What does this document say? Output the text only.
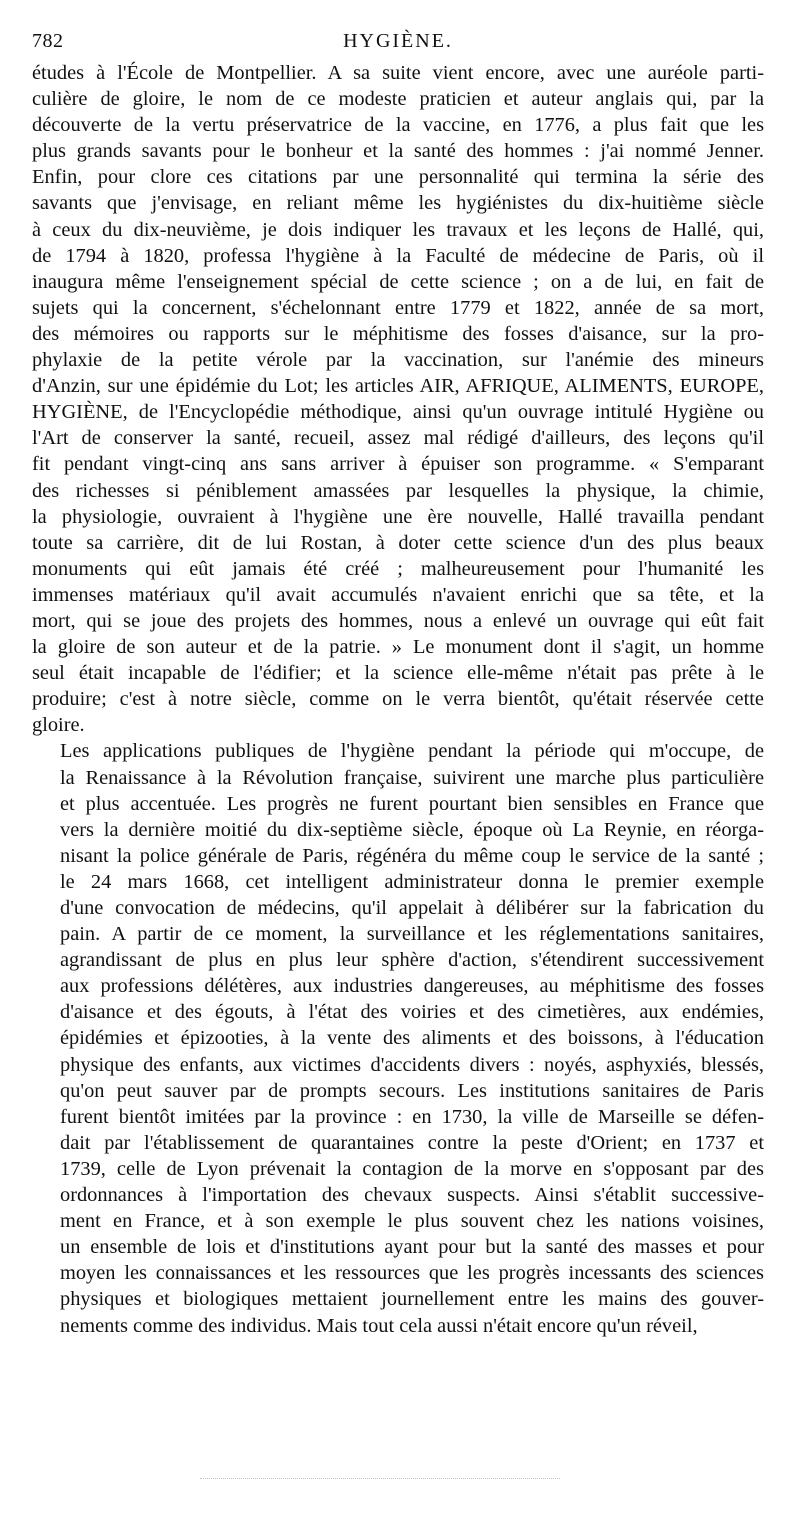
782	HYGIÈNE.

études à l'École de Montpellier. A sa suite vient encore, avec une auréole parti-
culière de gloire, le nom de ce modeste praticien et auteur anglais qui, par la
découverte de la vertu préservatrice de la vaccine, en 1776, a plus fait que les
plus grands savants pour le bonheur et la santé des hommes : j'ai nommé Jenner.
Enfin, pour clore ces citations par une personnalité qui termina la série des
savants que j'envisage, en reliant même les hygiénistes du dix-huitième siècle
à ceux du dix-neuvième, je dois indiquer les travaux et les leçons de Hallé, qui,
de 1794 à 1820, professa l'hygiène à la Faculté de médecine de Paris, où il
inaugura même l'enseignement spécial de cette science ; on a de lui, en fait de
sujets qui la concernent, s'échelonnant entre 1779 et 1822, année de sa mort,
des mémoires ou rapports sur le méphitisme des fosses d'aisance, sur la pro-
phylaxie de la petite vérole par la vaccination, sur l'anémie des mineurs
d'Anzin, sur une épidémie du Lot; les articles AIR, AFRIQUE, ALIMENTS, EUROPE,
HYGIÈNE, de l'Encyclopédie méthodique, ainsi qu'un ouvrage intitulé Hygiène ou
l'Art de conserver la santé, recueil, assez mal rédigé d'ailleurs, des leçons qu'il
fit pendant vingt-cinq ans sans arriver à épuiser son programme. « S'emparant
des richesses si péniblement amassées par lesquelles la physique, la chimie,
la physiologie, ouvraient à l'hygiène une ère nouvelle, Hallé travailla pendant
toute sa carrière, dit de lui Rostan, à doter cette science d'un des plus beaux
monuments qui eût jamais été créé ; malheureusement pour l'humanité les
immenses matériaux qu'il avait accumulés n'avaient enrichi que sa tête, et la
mort, qui se joue des projets des hommes, nous a enlevé un ouvrage qui eût fait
la gloire de son auteur et de la patrie. » Le monument dont il s'agit, un homme
seul était incapable de l'édifier; et la science elle-même n'était pas prête à le
produire; c'est à notre siècle, comme on le verra bientôt, qu'était réservée cette
gloire.

Les applications publiques de l'hygiène pendant la période qui m'occupe, de
la Renaissance à la Révolution française, suivirent une marche plus particulière
et plus accentuée. Les progrès ne furent pourtant bien sensibles en France que
vers la dernière moitié du dix-septième siècle, époque où La Reynie, en réorga-
nisant la police générale de Paris, régénéra du même coup le service de la santé ;
le 24 mars 1668, cet intelligent administrateur donna le premier exemple
d'une convocation de médecins, qu'il appelait à délibérer sur la fabrication du
pain. A partir de ce moment, la surveillance et les réglementations sanitaires,
agrandissant de plus en plus leur sphère d'action, s'étendirent successivement
aux professions délétères, aux industries dangereuses, au méphitisme des fosses
d'aisance et des égouts, à l'état des voiries et des cimetières, aux endémies,
épidémies et épizooties, à la vente des aliments et des boissons, à l'éducation
physique des enfants, aux victimes d'accidents divers : noyés, asphyxiés, blessés,
qu'on peut sauver par de prompts secours. Les institutions sanitaires de Paris
furent bientôt imitées par la province : en 1730, la ville de Marseille se défen-
dait par l'établissement de quarantaines contre la peste d'Orient; en 1737 et
1739, celle de Lyon prévenait la contagion de la morve en s'opposant par des
ordonnances à l'importation des chevaux suspects. Ainsi s'établit successive-
ment en France, et à son exemple le plus souvent chez les nations voisines,
un ensemble de lois et d'institutions ayant pour but la santé des masses et pour
moyen les connaissances et les ressources que les progrès incessants des sciences
physiques et biologiques mettaient journellement entre les mains des gouver-
nements comme des individus. Mais tout cela aussi n'était encore qu'un réveil,
